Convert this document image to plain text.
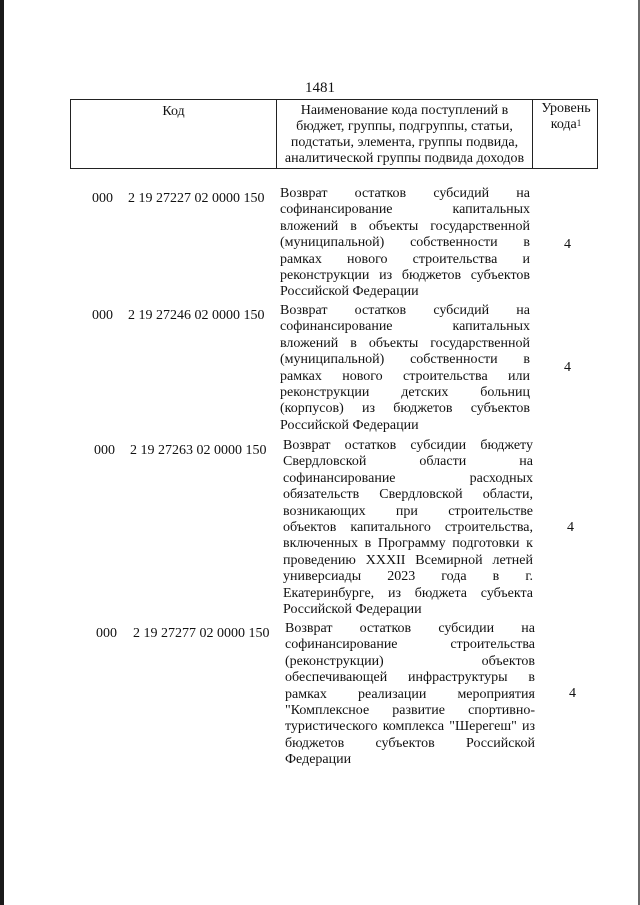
1481
Код	Наименование кода поступлений в бюджет, группы, подгруппы, статьи, подстатьи, элемента, группы подвида, аналитической группы подвида доходов
Уровень кода$^1$
000 2 19 27227 02 0000 150 Возврат остатков субсидий на софинансирование капитальных вложений в объекты государственной (муниципальной) собственности в рамках нового строительства и реконструкции из бюджетов субъектов Российской Федерации
4
000 2 19 27246 02 0000 150 Возврат остатков субсидий на софинансирование капитальных вложений в объекты государственной (муниципальной) собственности в рамках нового строительства или реконструкции детских больниц (корпусов) из бюджетов субъектов Российской Федерации
4
000 2 19 27263 02 0000 150 Возврат остатков субсидии бюджету Свердловской области на софинансирование расходных обязательств Свердловской области, возникающих при строительстве объектов капитального строительства, включенных в Программу подготовки к проведению XXXII Всемирной летней универсиады 2023 года в г. Екатеринбурге, из бюджета субъекта Российской Федерации
4
000 2 19 27277 02 0000 150 Возврат остатков субсидии на софинансирование строительства (реконструкции) объектов обеспечивающей инфраструктуры в рамках реализации мероприятия "Комплексное развитие спортивно-туристического комплекса "Шерегеш" из бюджетов субъектов Российской Федерации
4
